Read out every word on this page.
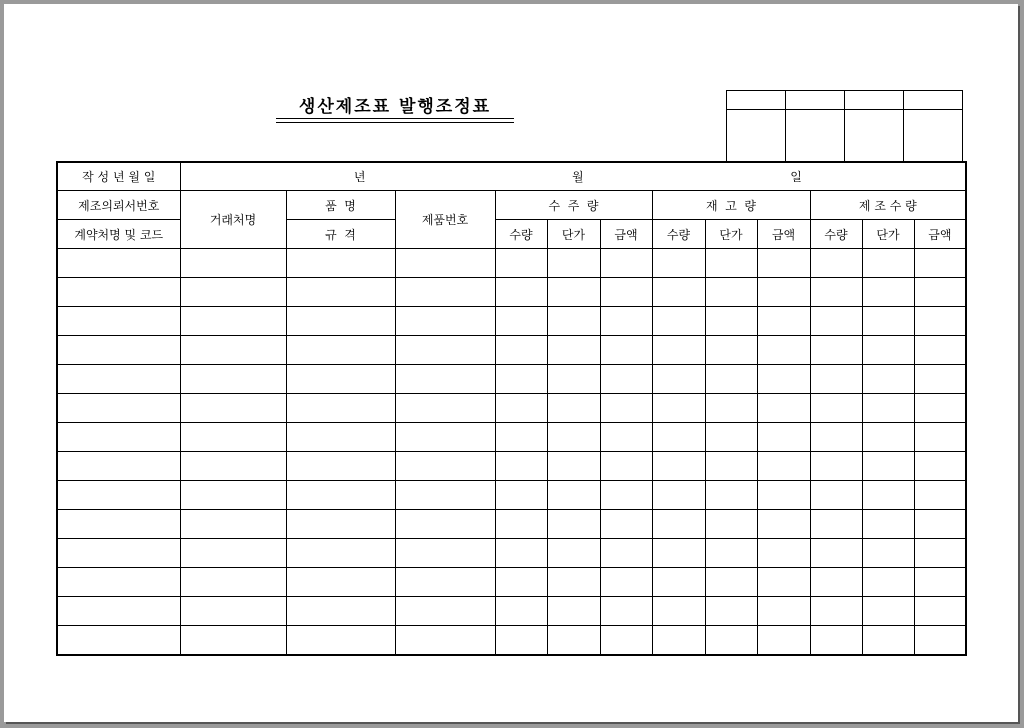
생산제조표 발행조정표

작 성 년 월 일	년 월 일											

제조의뢰서번호	거래처명	품  명	제품번호	수  주  량			재  고  량			제 조 수 량		
계약처명 및 코드		규  격		수량	단가	금액	수량	단가	금액	수량	단가	금액
